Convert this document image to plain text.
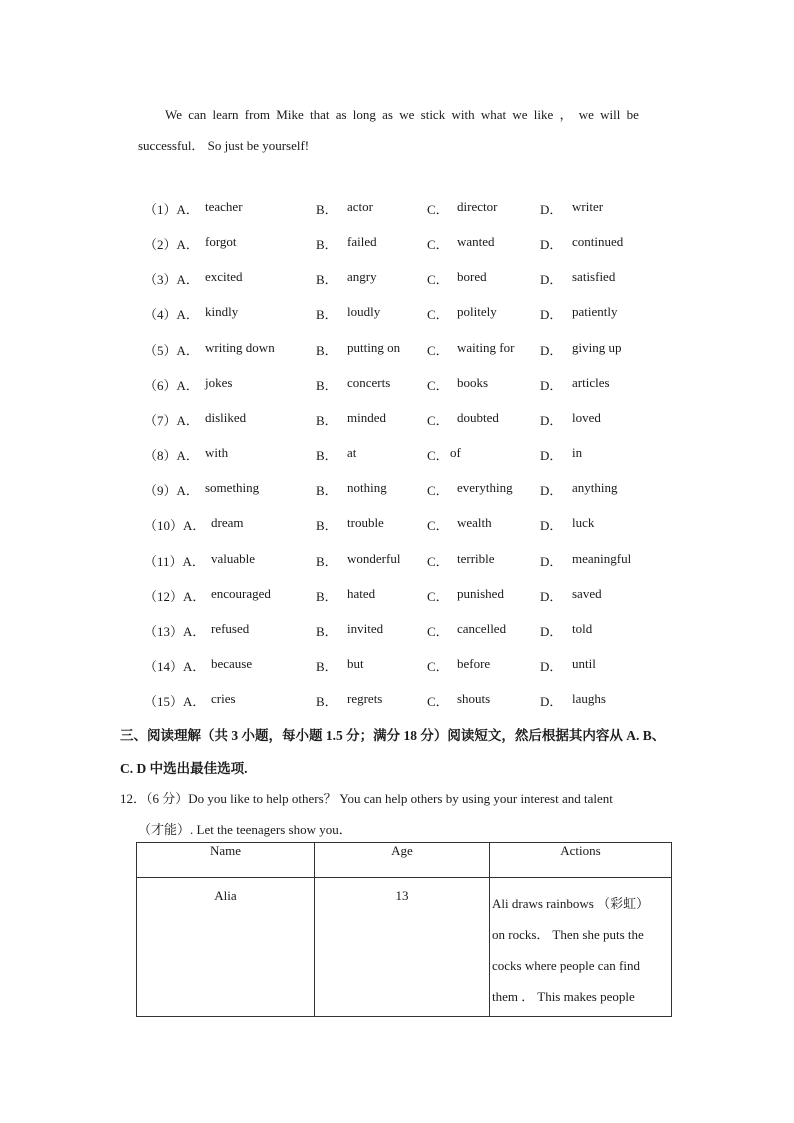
We can learn from Mike that as long as we stick with what we like ， we will be
successful． So just be yourself!
（1）A． teacher	B． actor	C． director	D． writer
（2）A． forgot	B． failed	C． wanted	D． continued
（3）A． excited	B． angry	C． bored	D． satisfied
（4）A． kindly	B． loudly	C． politely	D． patiently
（5）A． writing down	B． putting on C． waiting for D． giving up
（6）A． jokes	B． concerts	C． books	D． articles
（7）A． disliked	B． minded	C． doubted	D． loved
（8）A． with	B． at	C． of	D． in
（9）A． something	B． nothing	C． everything D． anything
（10）A． dream	B． trouble	C． wealth	D． luck
（11）A． valuable	B． wonderful C． terrible	D． meaningful
（12）A． encouraged	B． hated	C． punished	D． saved
（13）A． refused	B． invited	C． cancelled	D． told
（14）A． because	B． but	C． before	D． until
（15）A． cries	B． regrets	C． shouts	D． laughs
三、阅读理解（共 3 小题，每小题 1.5 分；满分 18 分）阅读短文，然后根据其内容从 A. B、
C. D 中选出最佳选项.
12．（6 分）Do you like to help others？ You can help others by using your interest and talent
（才能）. Let the teenagers show you．
Name	Age	Actions
Alia	13	Ali draws rainbows （彩虹）
on rocks． Then she puts the
cocks where people can find
them ． This makes people
